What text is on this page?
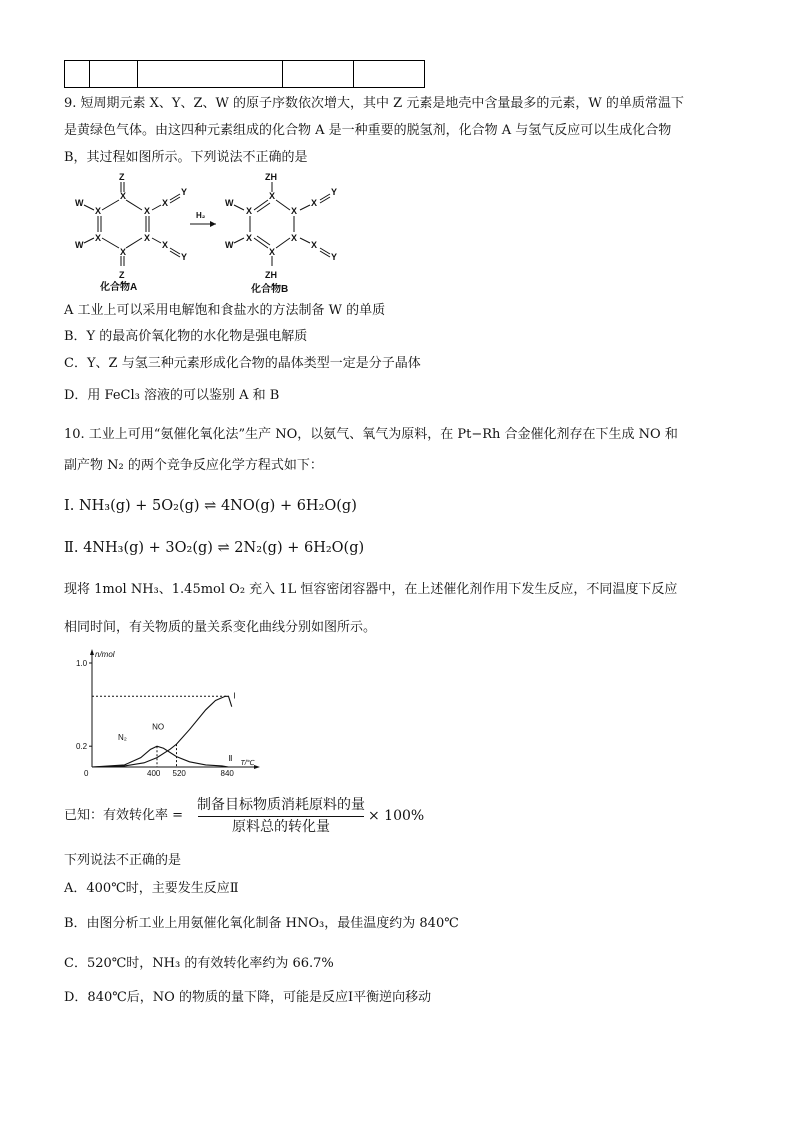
9. 短周期元素 X、Y、Z、W 的原子序数依次增大，其中 Z 元素是地壳中含量最多的元素，W 的单质常温下
是黄绿色气体。由这四种元素组成的化合物 A 是一种重要的脱氢剂，化合物 A 与氢气反应可以生成化合物
B，其过程如图所示。下列说法不正确的是
Z
Z
X
X	X
X	X
X
W
W
X
X
Y
Y
H₂
ZH
ZH
X
X	X
X	X
X
W
W
X
X
Y
Y
化合物A	化合物B
A 工业上可以采用电解饱和食盐水的方法制备 W 的单质
B．Y 的最高价氧化物的水化物是强电解质
C．Y、Z 与氢三种元素形成化合物的晶体类型一定是分子晶体
D．用 FeCl₃ 溶液的可以鉴别 A 和 B
10. 工业上可用“氨催化氧化法”生产 NO，以氨气、氧气为原料，在 Pt−Rh 合金催化剂存在下生成 NO 和
副产物 N₂ 的两个竞争反应化学方程式如下：
Ⅰ. NH₃(g) + 5O₂(g) ⇌ 4NO(g) + 6H₂O(g)
Ⅱ. 4NH₃(g) + 3O₂(g) ⇌ 2N₂(g) + 6H₂O(g)
现将 1mol NH₃、1.45mol O₂ 充入 1L 恒容密闭容器中，在上述催化剂作用下发生反应，不同温度下反应
相同时间，有关物质的量关系变化曲线分别如图所示。
0.2
1.0
0	400 520	840
n/mol
T/℃
NO
N₂
Ⅰ
Ⅱ
已知：有效转化率 =
制备目标物质消耗原料的量
原料总的转化量
× 100%
下列说法不正确的是
A．400℃时，主要发生反应Ⅱ
B．由图分析工业上用氨催化氧化制备 HNO₃，最佳温度约为 840℃
C．520℃时，NH₃ 的有效转化率约为 66.7%
D．840℃后，NO 的物质的量下降，可能是反应Ⅰ平衡逆向移动
